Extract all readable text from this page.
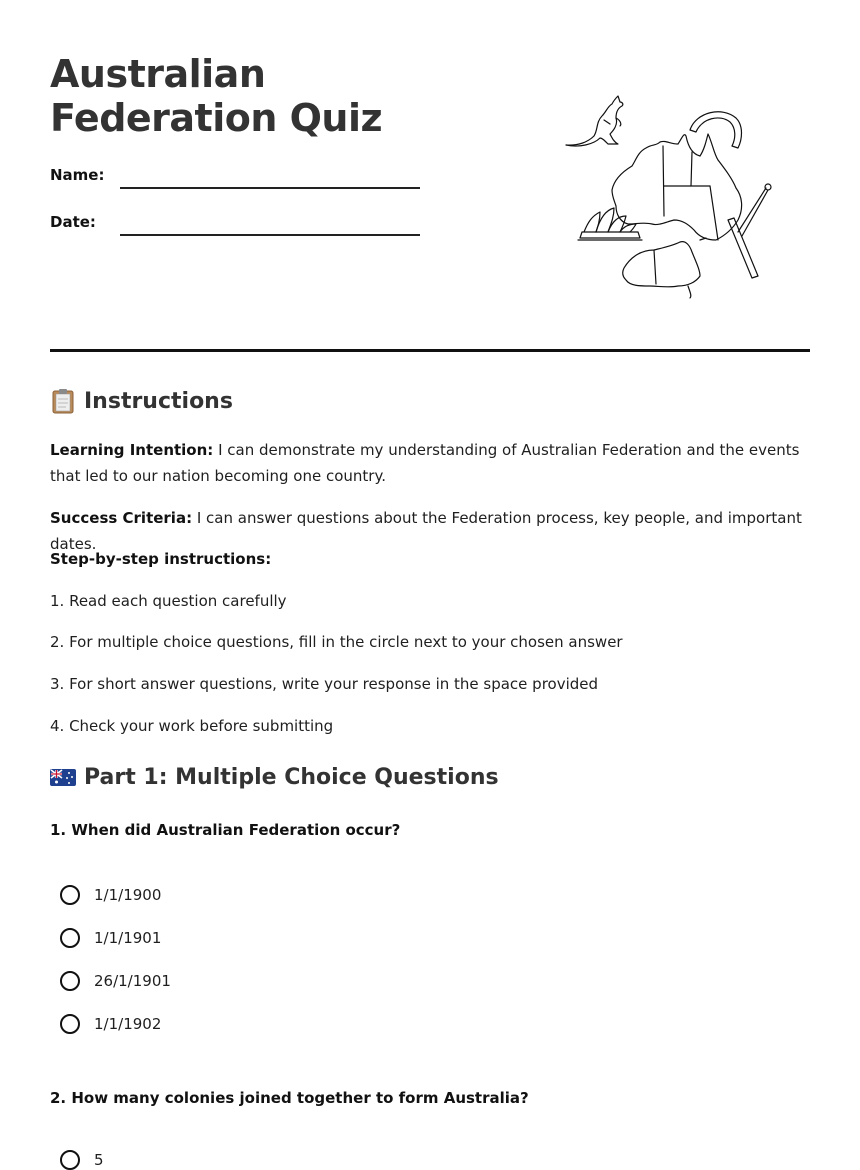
Australian Federation Quiz
Name:
Date:
Instructions

Learning Intention: I can demonstrate my understanding of Australian Federation and the events that led to our nation becoming one country.

Success Criteria: I can answer questions about the Federation process, key people, and important dates.

Step-by-step instructions:

1. Read each question carefully

2. For multiple choice questions, fill in the circle next to your chosen answer

3. For short answer questions, write your response in the space provided

4. Check your work before submitting

Part 1: Multiple Choice Questions
1. When did Australian Federation occur?
1/1/1900
1/1/1901
26/1/1901
1/1/1902
2. How many colonies joined together to form Australia?
5
